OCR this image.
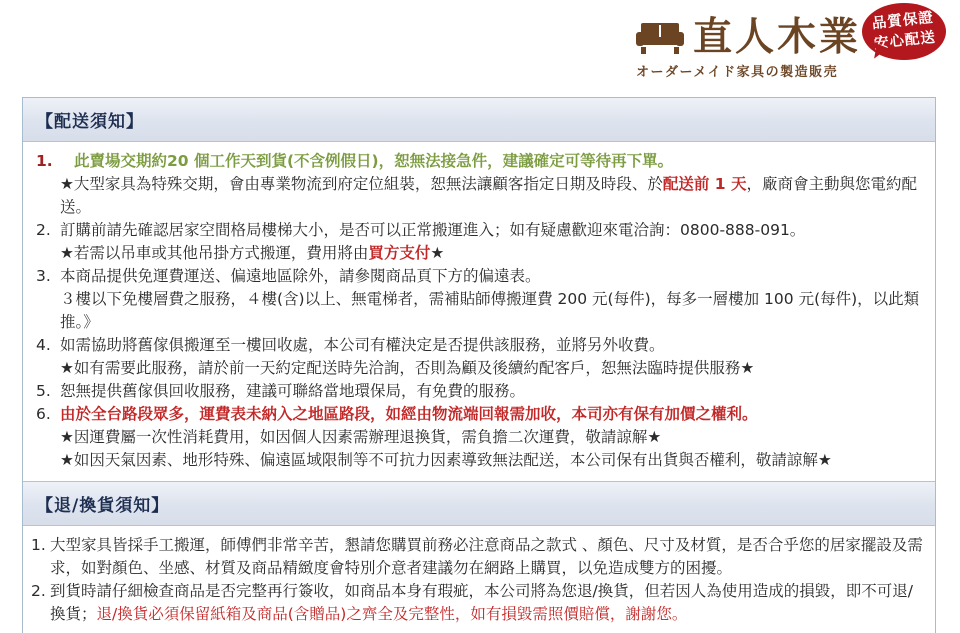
直人木業
オーダーメイド家具の製造販売
品質保證
安心配送
【配送須知】
1.	此賣場交期約20 個工作天到貨(不含例假日)，恕無法接急件，建議確定可等待再下單。
★大型家具為特殊交期，會由專業物流到府定位組裝，恕無法讓顧客指定日期及時段、於配送前 1 天，廠商會主動與您電約配送。
2. 訂購前請先確認居家空間格局樓梯大小，是否可以正常搬運進入；如有疑慮歡迎來電洽詢：0800-888-091。
★若需以吊車或其他吊掛方式搬運，費用將由買方支付★
3. 本商品提供免運費運送、偏遠地區除外，請參閱商品頁下方的偏遠表。
３樓以下免樓層費之服務，４樓(含)以上、無電梯者，需補貼師傅搬運費 200 元(每件)，每多一層樓加 100 元(每件)，以此類推。》
4. 如需協助將舊傢俱搬運至一樓回收處，本公司有權決定是否提供該服務，並將另外收費。
★如有需要此服務，請於前一天約定配送時先洽詢，否則為顧及後續約配客戶，恕無法臨時提供服務★
5. 恕無提供舊傢俱回收服務，建議可聯絡當地環保局，有免費的服務。
6. 由於全台路段眾多，運費表未納入之地區路段，如經由物流端回報需加收，本司亦有保有加價之權利。
★因運費屬一次性消耗費用，如因個人因素需辦理退換貨，需負擔二次運費，敬請諒解★
★如因天氣因素、地形特殊、偏遠區域限制等不可抗力因素導致無法配送，本公司保有出貨與否權利，敬請諒解★
【退/換貨須知】
1. 大型家具皆採手工搬運，師傅們非常辛苦，懇請您購買前務必注意商品之款式 、顏色、尺寸及材質，是否合乎您的居家擺設及需求，如對顏色、坐感、材質及商品精緻度會特別介意者建議勿在網路上購買，以免造成雙方的困擾。
2. 到貨時請仔細檢查商品是否完整再行簽收，如商品本身有瑕疵，本公司將為您退/換貨，但若因人為使用造成的損毀，即不可退/換貨；退/換貨必須保留紙箱及商品(含贈品)之齊全及完整性，如有損毀需照價賠償，謝謝您。
